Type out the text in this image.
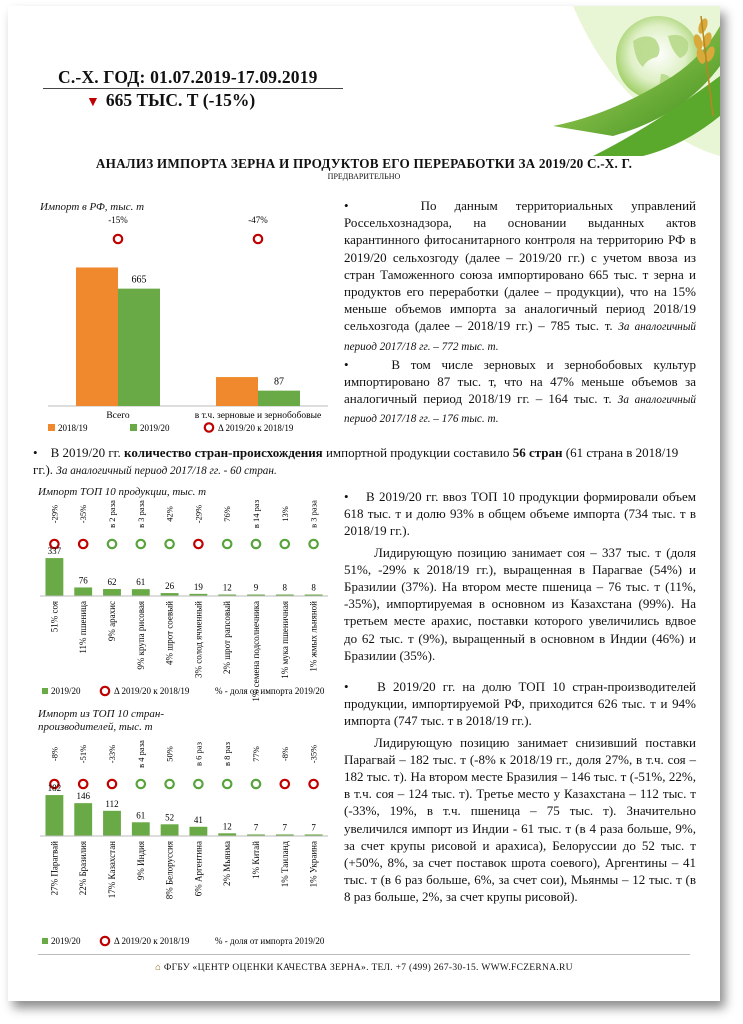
С.-Х. ГОД: 01.07.2019-17.09.2019
▼ 665 ТЫС. Т (-15%)
АНАЛИЗ ИМПОРТА ЗЕРНА И ПРОДУКТОВ ЕГО ПЕРЕРАБОТКИ ЗА 2019/20 С.-Х. Г.
ПРЕДВАРИТЕЛЬНО
Импорт в РФ, тыс. т
665
Всего
-15%
87
в т.ч. зерновые и зернобобовые
-47%
2018/19	2019/20	Δ 2019/20 к 2018/19

•    По данным территориальных управлений Россельхознадзора, на основании выданных актов карантинного фитосанитарного контроля на территорию РФ в 2019/20 сельхозгоду (далее – 2019/20 гг.) с учетом ввоза из стран Таможенного союза импортировано 665 тыс. т зерна и продуктов его переработки (далее – продукции), что на 15% меньше объемов импорта за аналогичный период 2018/19 сельхозгода (далее – 2018/19 гг.) – 785 тыс. т. За аналогичный период 2017/18 гг. – 772 тыс. т.

•    В том числе зерновых и зернобобовых культур импортировано 87 тыс. т, что на 47% меньше объемов за аналогичный период 2018/19 гг. – 164 тыс. т. За аналогичный период 2017/18 гг. – 176 тыс. т.

•    В 2019/20 гг. количество стран-происхождения импортной продукции составило 56 стран (61 страна в 2018/19 гг.). За аналогичный период 2017/18 гг. - 60 стран.
Импорт ТОП 10 продукции, тыс. т
-29%
337
51% соя
-35%
76
11% пшеница
в 2 раза
62
9% арахис
в 3 раза
61
9% крупа рисовая
42%
26
4% шрот соевый
-29%
19
3% солод ячменный
76%
12
2% шрот рапсовый
в 14 раз
9
1% семена подсолнечника
13%
8
1% мука пшеничная
в 3 раза
8
1% жмых льняной
2019/20	Δ 2019/20 к 2018/19	% - доля от импорта 2019/20
Импорт из ТОП 10 стран-
производителей, тыс. т
-8%
182
27% Парагвай
-51%
146
22% Бразилия
-33%
112
17% Казахстан
в 4 раза
61
9% Индия
50%
52
8% Белоруссия
в 6 раз
41
6% Аргентина
в 8 раз
12
2% Мьянма
77%
7
1% Китай
-8%
7
1% Таиланд
-35%
7
1% Украина
2019/20	Δ 2019/20 к 2018/19	% - доля от импорта 2019/20

•    В 2019/20 гг. ввоз ТОП 10 продукции формировали объем 618 тыс. т и долю 93% в общем объеме импорта (734 тыс. т в 2018/19 гг.).

Лидирующую позицию занимает соя – 337 тыс. т (доля 51%, -29% к 2018/19 гг.), выращенная в Парагвае (54%) и Бразилии (37%). На втором месте пшеница – 76 тыс. т (11%, -35%), импортируемая в основном из Казахстана (99%). На третьем месте арахис, поставки которого увеличились вдвое до 62 тыс. т (9%), выращенный в основном в Индии (46%) и Бразилии (35%).

•    В 2019/20 гг. на долю ТОП 10 стран-производителей продукции, импортируемой РФ, приходится 626 тыс. т и 94% импорта (747 тыс. т в 2018/19 гг.).

Лидирующую позицию занимает снизивший поставки Парагвай – 182 тыс. т (-8% к 2018/19 гг., доля 27%, в т.ч. соя – 182 тыс. т). На втором месте Бразилия – 146 тыс. т (-51%, 22%, в т.ч. соя – 124 тыс. т). Третье место у Казахстана – 112 тыс. т (-33%, 19%, в т.ч. пшеница – 75 тыс. т). Значительно увеличился импорт из Индии - 61 тыс. т (в 4 раза больше, 9%, за счет крупы рисовой и арахиса), Белоруссии до 52 тыс. т (+50%, 8%, за счет поставок шрота соевого), Аргентины – 41 тыс. т (в 6 раз больше, 6%, за счет сои), Мьянмы – 12 тыс. т (в 8 раз больше, 2%, за счет крупы рисовой).

⌂ ФГБУ «ЦЕНТР ОЦЕНКИ КАЧЕСТВА ЗЕРНА». ТЕЛ. +7 (499) 267-30-15. WWW.FCZERNA.RU
